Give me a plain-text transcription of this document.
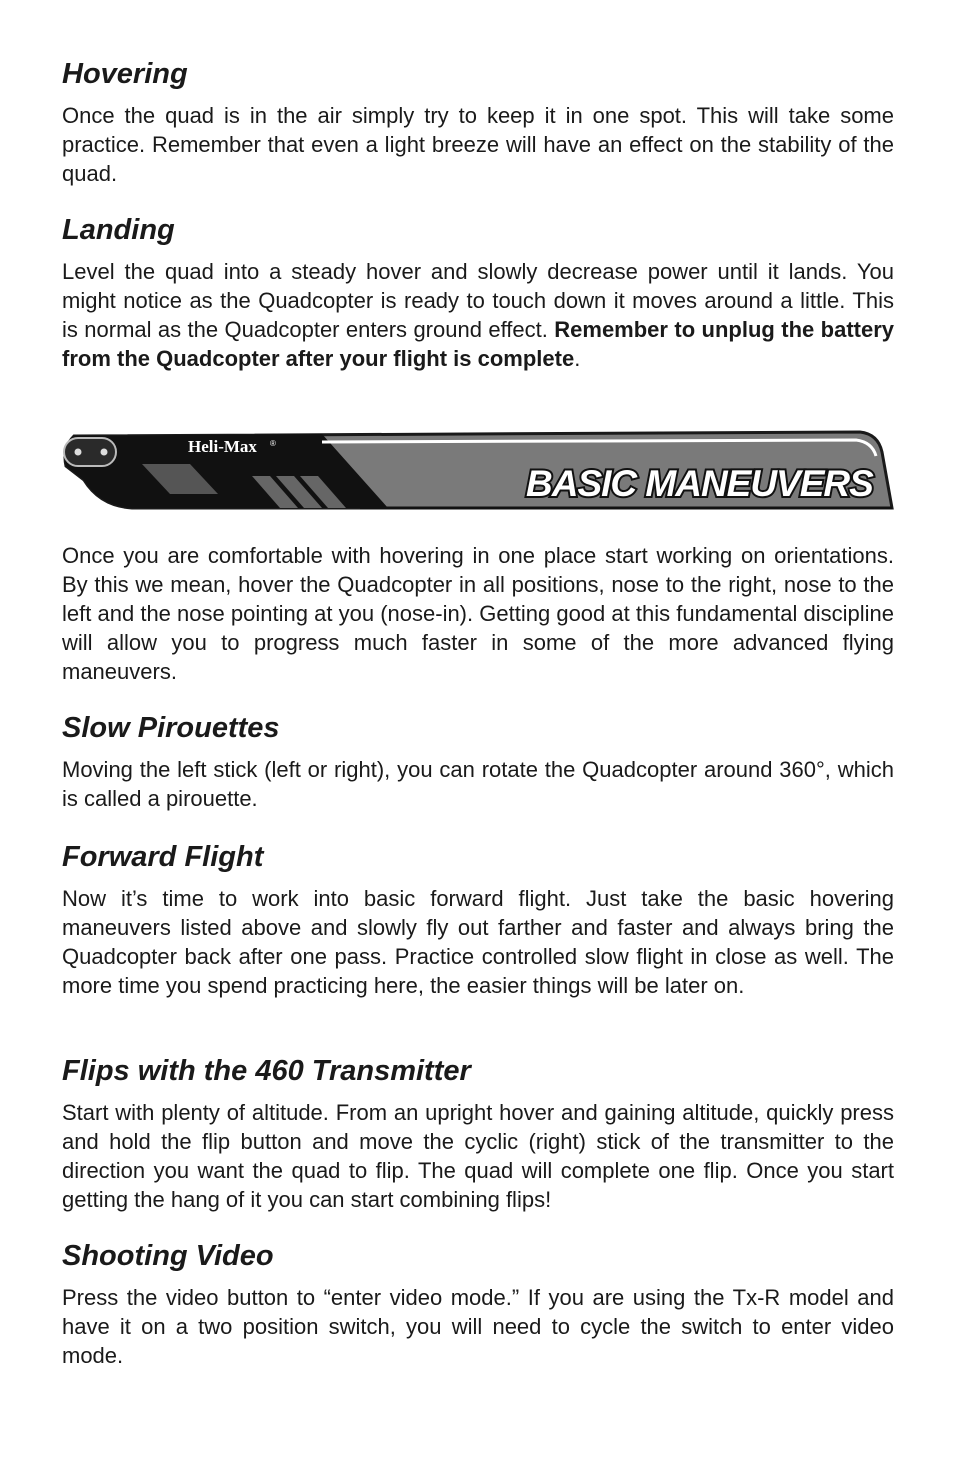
Hovering

Once the quad is in the air simply try to keep it in one spot. This will take some practice. Remember that even a light breeze will have an effect on the stability of the quad.

Landing

Level the quad into a steady hover and slowly decrease power until it lands. You might notice as the Quadcopter is ready to touch down it moves around a little. This is normal as the Quadcopter enters ground effect. Remember to unplug the battery from the Quadcopter after your flight is complete.

Once you are comfortable with hovering in one place start working on orientations. By this we mean, hover the Quadcopter in all positions, nose to the right, nose to the left and the nose pointing at you (nose-in). Getting good at this fundamental discipline will allow you to progress much faster in some of the more advanced flying maneuvers.

Slow Pirouettes

Moving the left stick (left or right), you can rotate the Quadcopter around 360°, which is called a pirouette.

Forward Flight

Now it’s time to work into basic forward flight. Just take the basic hovering maneuvers listed above and slowly fly out farther and faster and always bring the Quadcopter back after one pass. Practice controlled slow flight in close as well. The more time you spend practicing here, the easier things will be later on.

Flips with the 460 Transmitter

Start with plenty of altitude. From an upright hover and gaining altitude, quickly press and hold the flip button and move the cyclic (right) stick of the transmitter to the direction you want the quad to flip. The quad will complete one flip. Once you start getting the hang of it you can start combining flips!

Shooting Video

Press the video button to “enter video mode.” If you are using the Tx-R model and have it on a two position switch, you will need to cycle the switch to enter video mode.

Heli-Max ®
BASIC MANEUVERS
